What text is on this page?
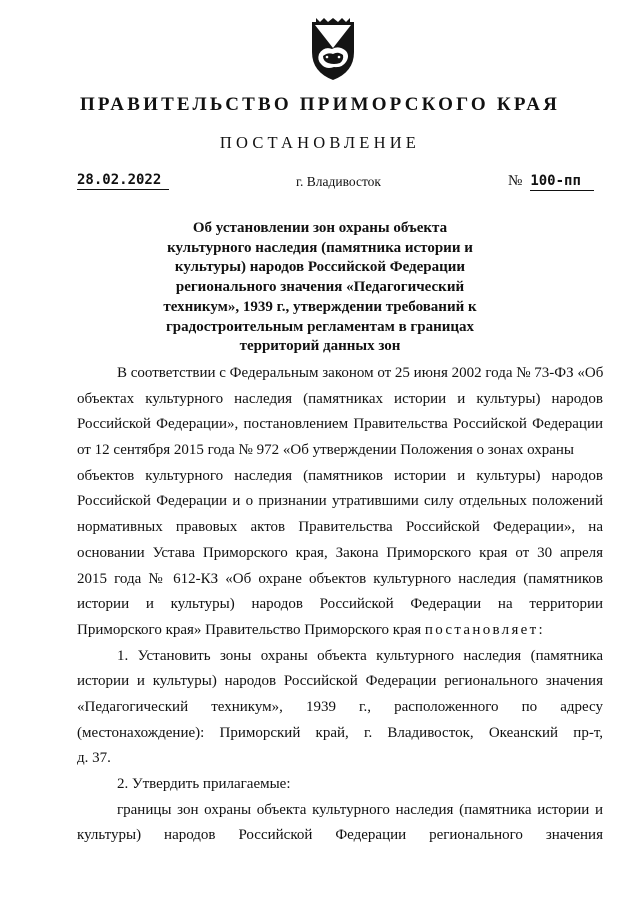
ПРАВИТЕЛЬСТВО ПРИМОРСКОГО КРАЯ
ПОСТАНОВЛЕНИЕ
28.02.2022	г. Владивосток	№ 100-пп
Об установлении зон охраны объекта культурного наследия (памятника истории и культуры) народов Российской Федерации регионального значения «Педагогический техникум», 1939 г., утверждении требований к градостроительным регламентам в границах территорий данных зон
В соответствии с Федеральным законом от 25 июня 2002 года № 73-ФЗ «Об
объектах культурного наследия (памятниках истории и культуры) народов
Российской Федерации», постановлением Правительства Российской Федерации
от 12 сентября 2015 года № 972 «Об утверждении Положения о зонах охраны
объектов культурного наследия (памятников истории и культуры) народов
Российской Федерации и о признании утратившими силу отдельных положений
нормативных правовых актов Правительства Российской Федерации», на
основании Устава Приморского края, Закона Приморского края от 30 апреля
2015 года № 612-КЗ «Об охране объектов культурного наследия (памятников
истории и культуры) народов Российской Федерации на территории
Приморского края» Правительство Приморского края постановляет:
1. Установить зоны охраны объекта культурного наследия (памятника
истории и культуры) народов Российской Федерации регионального значения
«Педагогический техникум», 1939 г., расположенного по адресу
(местонахождение): Приморский край, г. Владивосток, Океанский пр-т,
д. 37.
2. Утвердить прилагаемые:
границы зон охраны объекта культурного наследия (памятника истории и
культуры) народов Российской Федерации регионального значения
